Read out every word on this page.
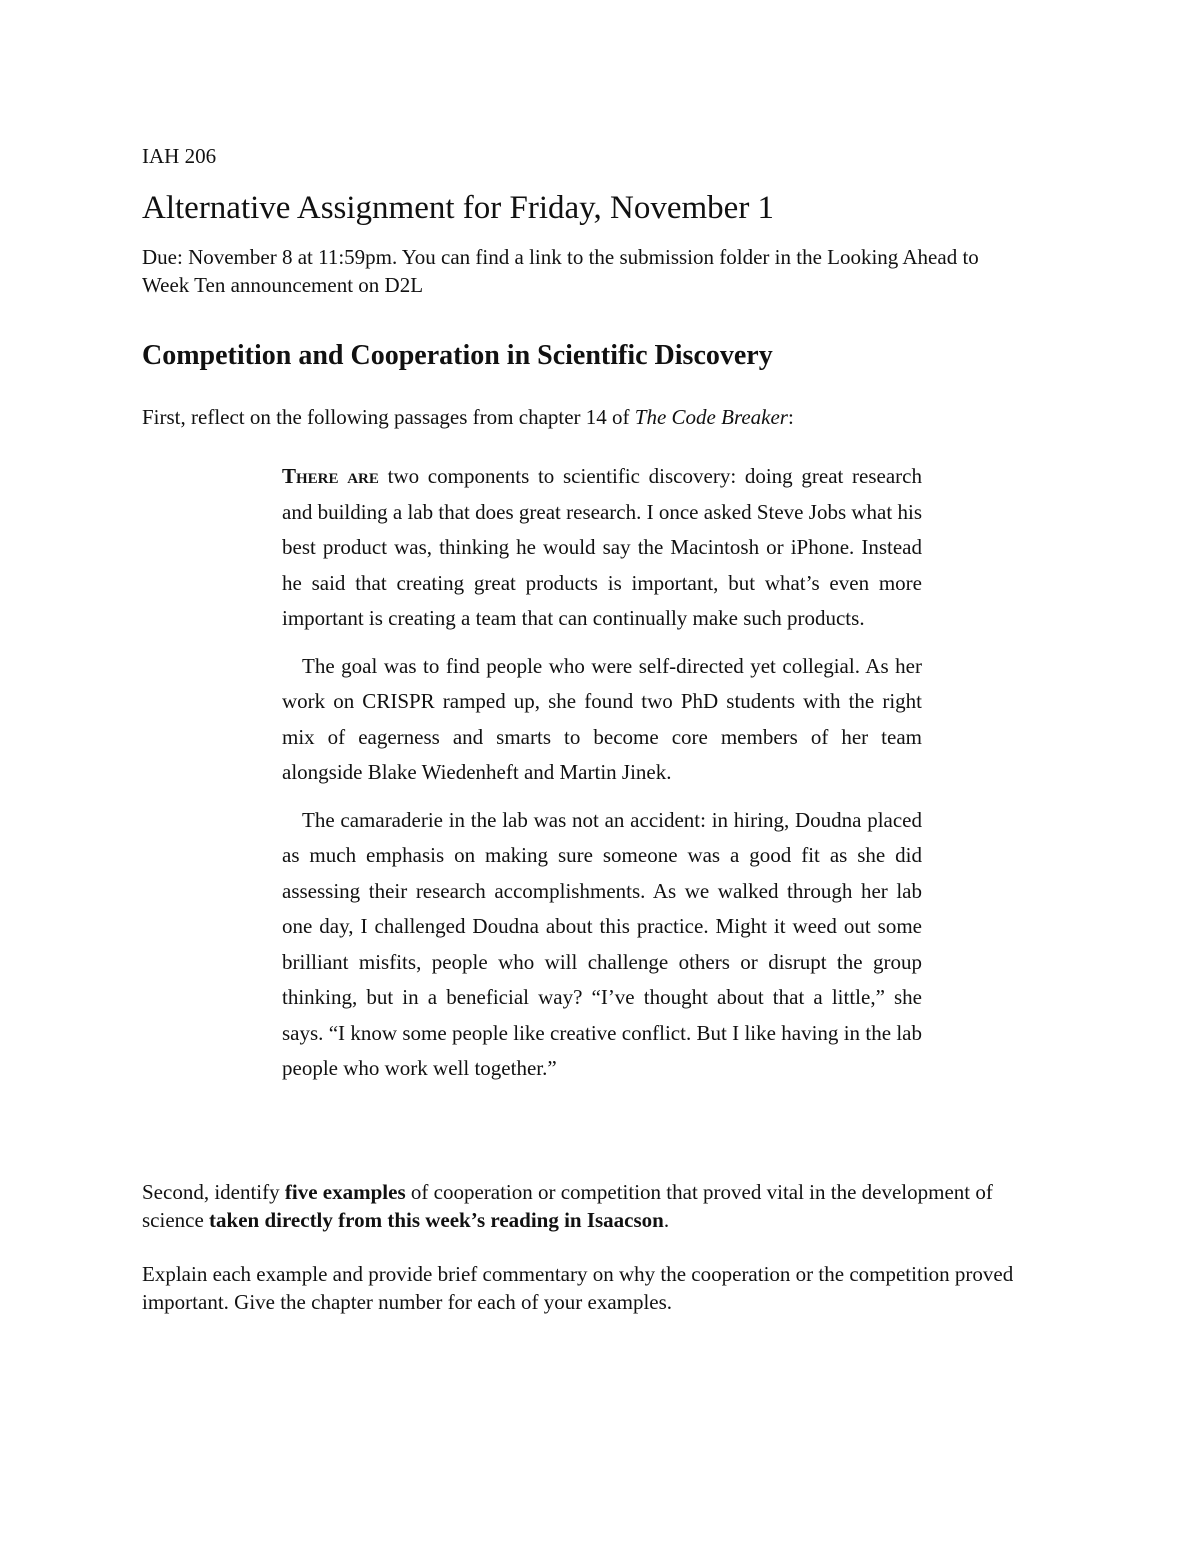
IAH 206
Alternative Assignment for Friday, November 1

Due: November 8 at 11:59pm. You can find a link to the submission folder in the Looking Ahead to Week Ten announcement on D2L

Competition and Cooperation in Scientific Discovery

First, reflect on the following passages from chapter 14 of The Code Breaker:

There are two components to scientific discovery: doing great research and building a lab that does great research. I once asked Steve Jobs what his best product was, thinking he would say the Macintosh or iPhone. Instead he said that creating great products is important, but what’s even more important is creating a team that can continually make such products.

The goal was to find people who were self-directed yet collegial. As her work on CRISPR ramped up, she found two PhD students with the right mix of eagerness and smarts to become core members of her team alongside Blake Wiedenheft and Martin Jinek.

The camaraderie in the lab was not an accident: in hiring, Doudna placed as much emphasis on making sure someone was a good fit as she did assessing their research accomplishments. As we walked through her lab one day, I challenged Doudna about this practice. Might it weed out some brilliant misfits, people who will challenge others or disrupt the group thinking, but in a beneficial way? “I’ve thought about that a little,” she says. “I know some people like creative conflict. But I like having in the lab people who work well together.”

Second, identify five examples of cooperation or competition that proved vital in the development of science taken directly from this week’s reading in Isaacson.

Explain each example and provide brief commentary on why the cooperation or the competition proved important. Give the chapter number for each of your examples.
